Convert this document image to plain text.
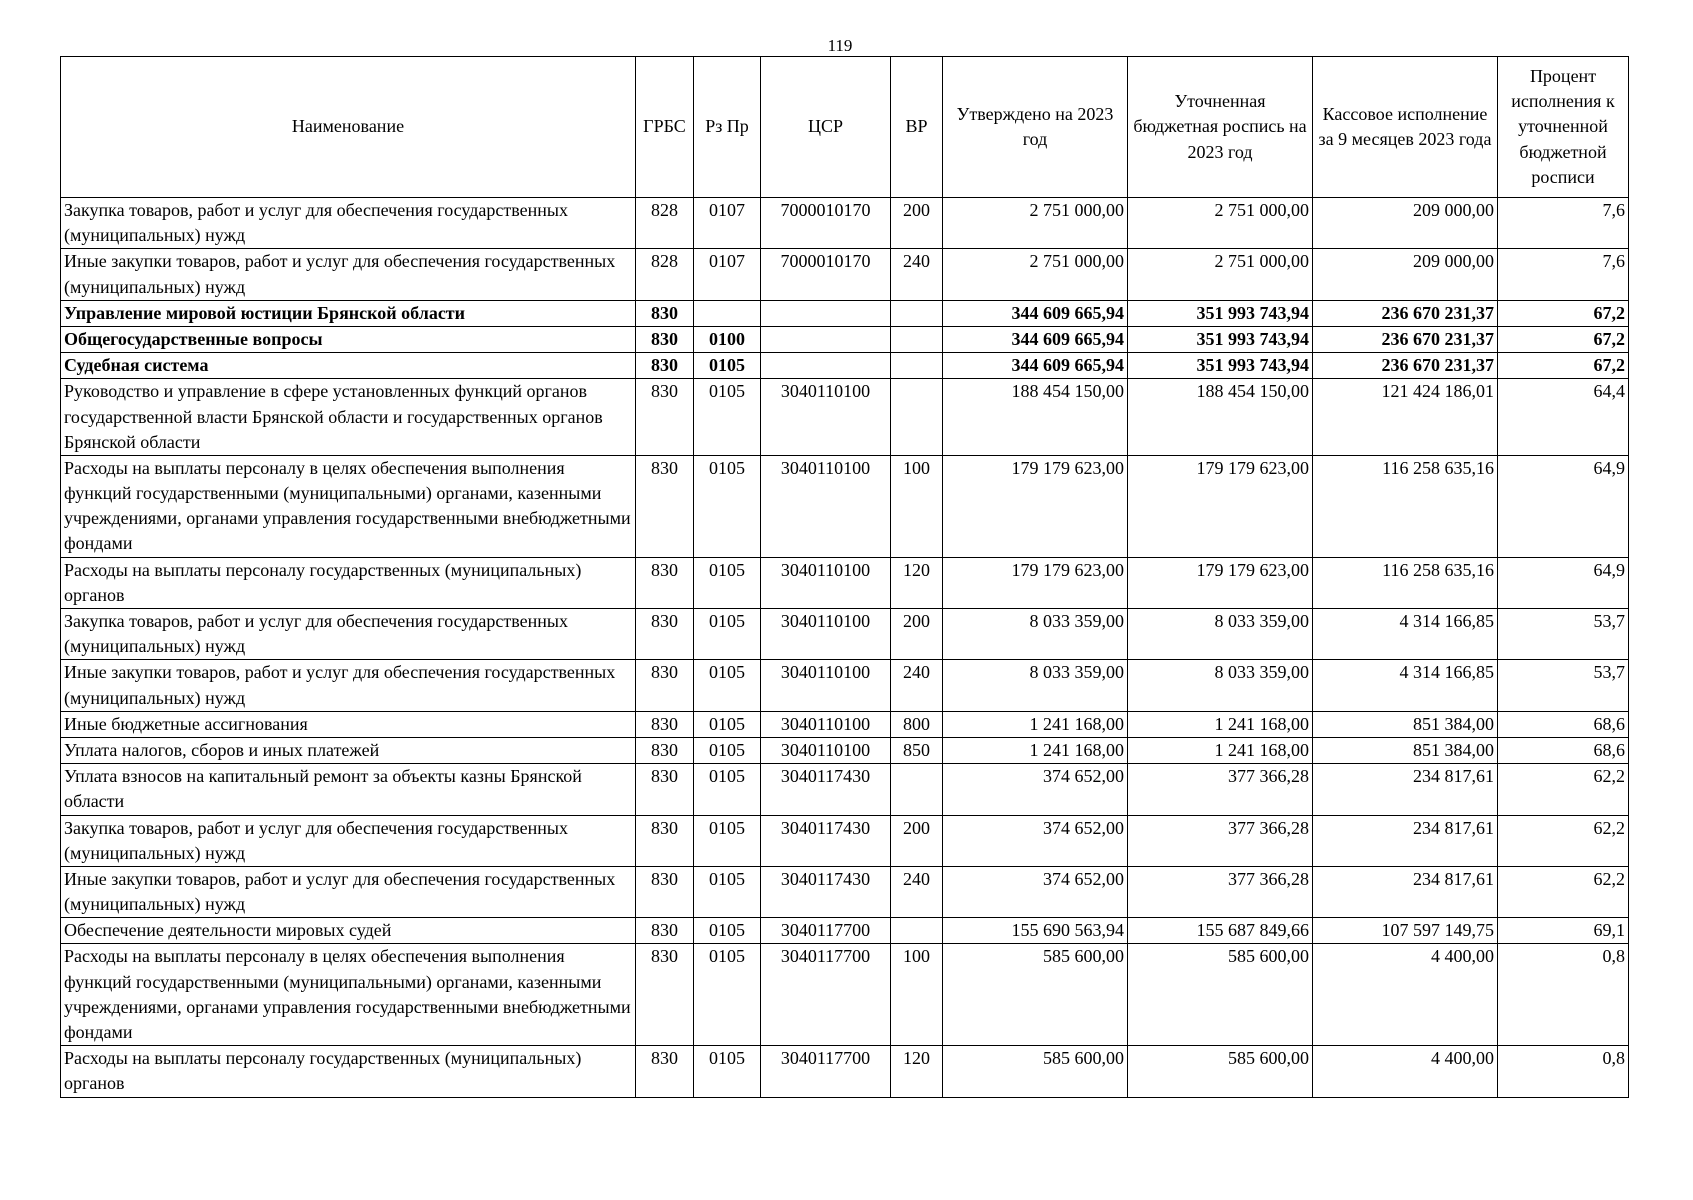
119
Наименование	ГРБС	Рз Пр	ЦСР	ВР	Утверждено на 2023 год	Уточненная бюджетная роспись на 2023 год	Кассовое исполнение за 9 месяцев 2023 года	Процент исполнения к уточненной бюджетной росписи
Закупка товаров, работ и услуг для обеспечения государственных (муниципальных) нужд	828	0107	7000010170	200	2 751 000,00	2 751 000,00	209 000,00	7,6
Иные закупки товаров, работ и услуг для обеспечения государственных (муниципальных) нужд	828	0107	7000010170	240	2 751 000,00	2 751 000,00	209 000,00	7,6
Управление мировой юстиции Брянской области	830				344 609 665,94	351 993 743,94	236 670 231,37	67,2
Общегосударственные вопросы	830	0100			344 609 665,94	351 993 743,94	236 670 231,37	67,2
Судебная система	830	0105			344 609 665,94	351 993 743,94	236 670 231,37	67,2
Руководство и управление в сфере установленных функций органов государственной власти Брянской области и государственных органов Брянской области	830	0105	3040110100		188 454 150,00	188 454 150,00	121 424 186,01	64,4
Расходы на выплаты персоналу в целях обеспечения выполнения функций государственными (муниципальными) органами, казенными учреждениями, органами управления государственными внебюджетными фондами	830	0105	3040110100	100	179 179 623,00	179 179 623,00	116 258 635,16	64,9
Расходы на выплаты персоналу государственных (муниципальных) органов	830	0105	3040110100	120	179 179 623,00	179 179 623,00	116 258 635,16	64,9
Закупка товаров, работ и услуг для обеспечения государственных (муниципальных) нужд	830	0105	3040110100	200	8 033 359,00	8 033 359,00	4 314 166,85	53,7
Иные закупки товаров, работ и услуг для обеспечения государственных (муниципальных) нужд	830	0105	3040110100	240	8 033 359,00	8 033 359,00	4 314 166,85	53,7
Иные бюджетные ассигнования	830	0105	3040110100	800	1 241 168,00	1 241 168,00	851 384,00	68,6
Уплата налогов, сборов и иных платежей	830	0105	3040110100	850	1 241 168,00	1 241 168,00	851 384,00	68,6
Уплата взносов на капитальный ремонт за объекты казны Брянской области	830	0105	3040117430		374 652,00	377 366,28	234 817,61	62,2
Закупка товаров, работ и услуг для обеспечения государственных (муниципальных) нужд	830	0105	3040117430	200	374 652,00	377 366,28	234 817,61	62,2
Иные закупки товаров, работ и услуг для обеспечения государственных (муниципальных) нужд	830	0105	3040117430	240	374 652,00	377 366,28	234 817,61	62,2
Обеспечение деятельности мировых судей	830	0105	3040117700		155 690 563,94	155 687 849,66	107 597 149,75	69,1
Расходы на выплаты персоналу в целях обеспечения выполнения функций государственными (муниципальными) органами, казенными учреждениями, органами управления государственными внебюджетными фондами	830	0105	3040117700	100	585 600,00	585 600,00	4 400,00	0,8
Расходы на выплаты персоналу государственных (муниципальных) органов	830	0105	3040117700	120	585 600,00	585 600,00	4 400,00	0,8
